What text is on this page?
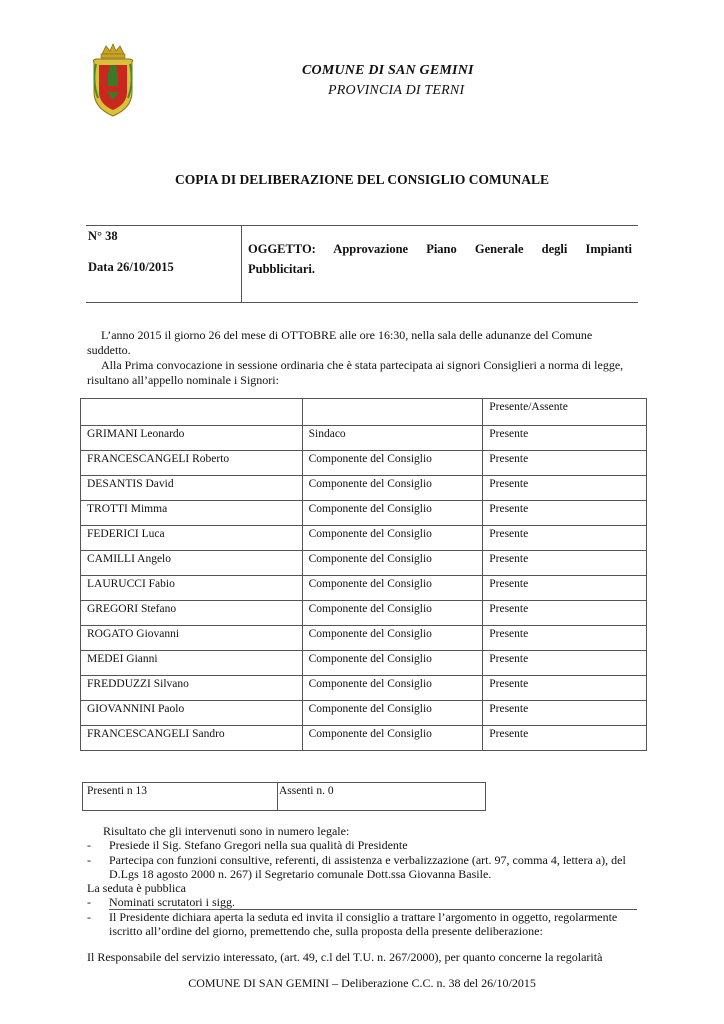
COMUNE DI SAN GEMINI
PROVINCIA DI TERNI
COPIA DI DELIBERAZIONE DEL CONSIGLIO COMUNALE
N° 38
Data 26/10/2015
OGGETTO: Approvazione Piano Generale degli Impianti
Pubblicitari.
L’anno 2015 il giorno 26 del mese di OTTOBRE alle ore 16:30, nella sala delle adunanze del Comune
suddetto.
Alla Prima convocazione in sessione ordinaria che è stata partecipata ai signori Consiglieri a norma di legge,
risultano all’appello nominale i Signori:
		Presente/Assente
GRIMANI Leonardo	Sindaco	Presente
FRANCESCANGELI Roberto	Componente del Consiglio	Presente
DESANTIS David	Componente del Consiglio	Presente
TROTTI Mimma	Componente del Consiglio	Presente
FEDERICI Luca	Componente del Consiglio	Presente
CAMILLI Angelo	Componente del Consiglio	Presente
LAURUCCI Fabio	Componente del Consiglio	Presente
GREGORI Stefano	Componente del Consiglio	Presente
ROGATO Giovanni	Componente del Consiglio	Presente
MEDEI Gianni	Componente del Consiglio	Presente
FREDDUZZI Silvano	Componente del Consiglio	Presente
GIOVANNINI Paolo	Componente del Consiglio	Presente
FRANCESCANGELI Sandro	Componente del Consiglio	Presente
Presenti n 13	Assenti n. 0
Risultato che gli intervenuti sono in numero legale:
- Presiede il Sig. Stefano Gregori nella sua qualità di Presidente
- Partecipa con funzioni consultive, referenti, di assistenza e verbalizzazione (art. 97, comma 4, lettera a), del
D.Lgs 18 agosto 2000 n. 267) il Segretario comunale Dott.ssa Giovanna Basile.
La seduta è pubblica
- Nominati scrutatori i sigg.
- Il Presidente dichiara aperta la seduta ed invita il consiglio a trattare l’argomento in oggetto, regolarmente
iscritto all’ordine del giorno, premettendo che, sulla proposta della presente deliberazione:
Il Responsabile del servizio interessato, (art. 49, c.l del T.U. n. 267/2000), per quanto concerne la regolarità
COMUNE DI SAN GEMINI – Deliberazione C.C. n. 38 del 26/10/2015
